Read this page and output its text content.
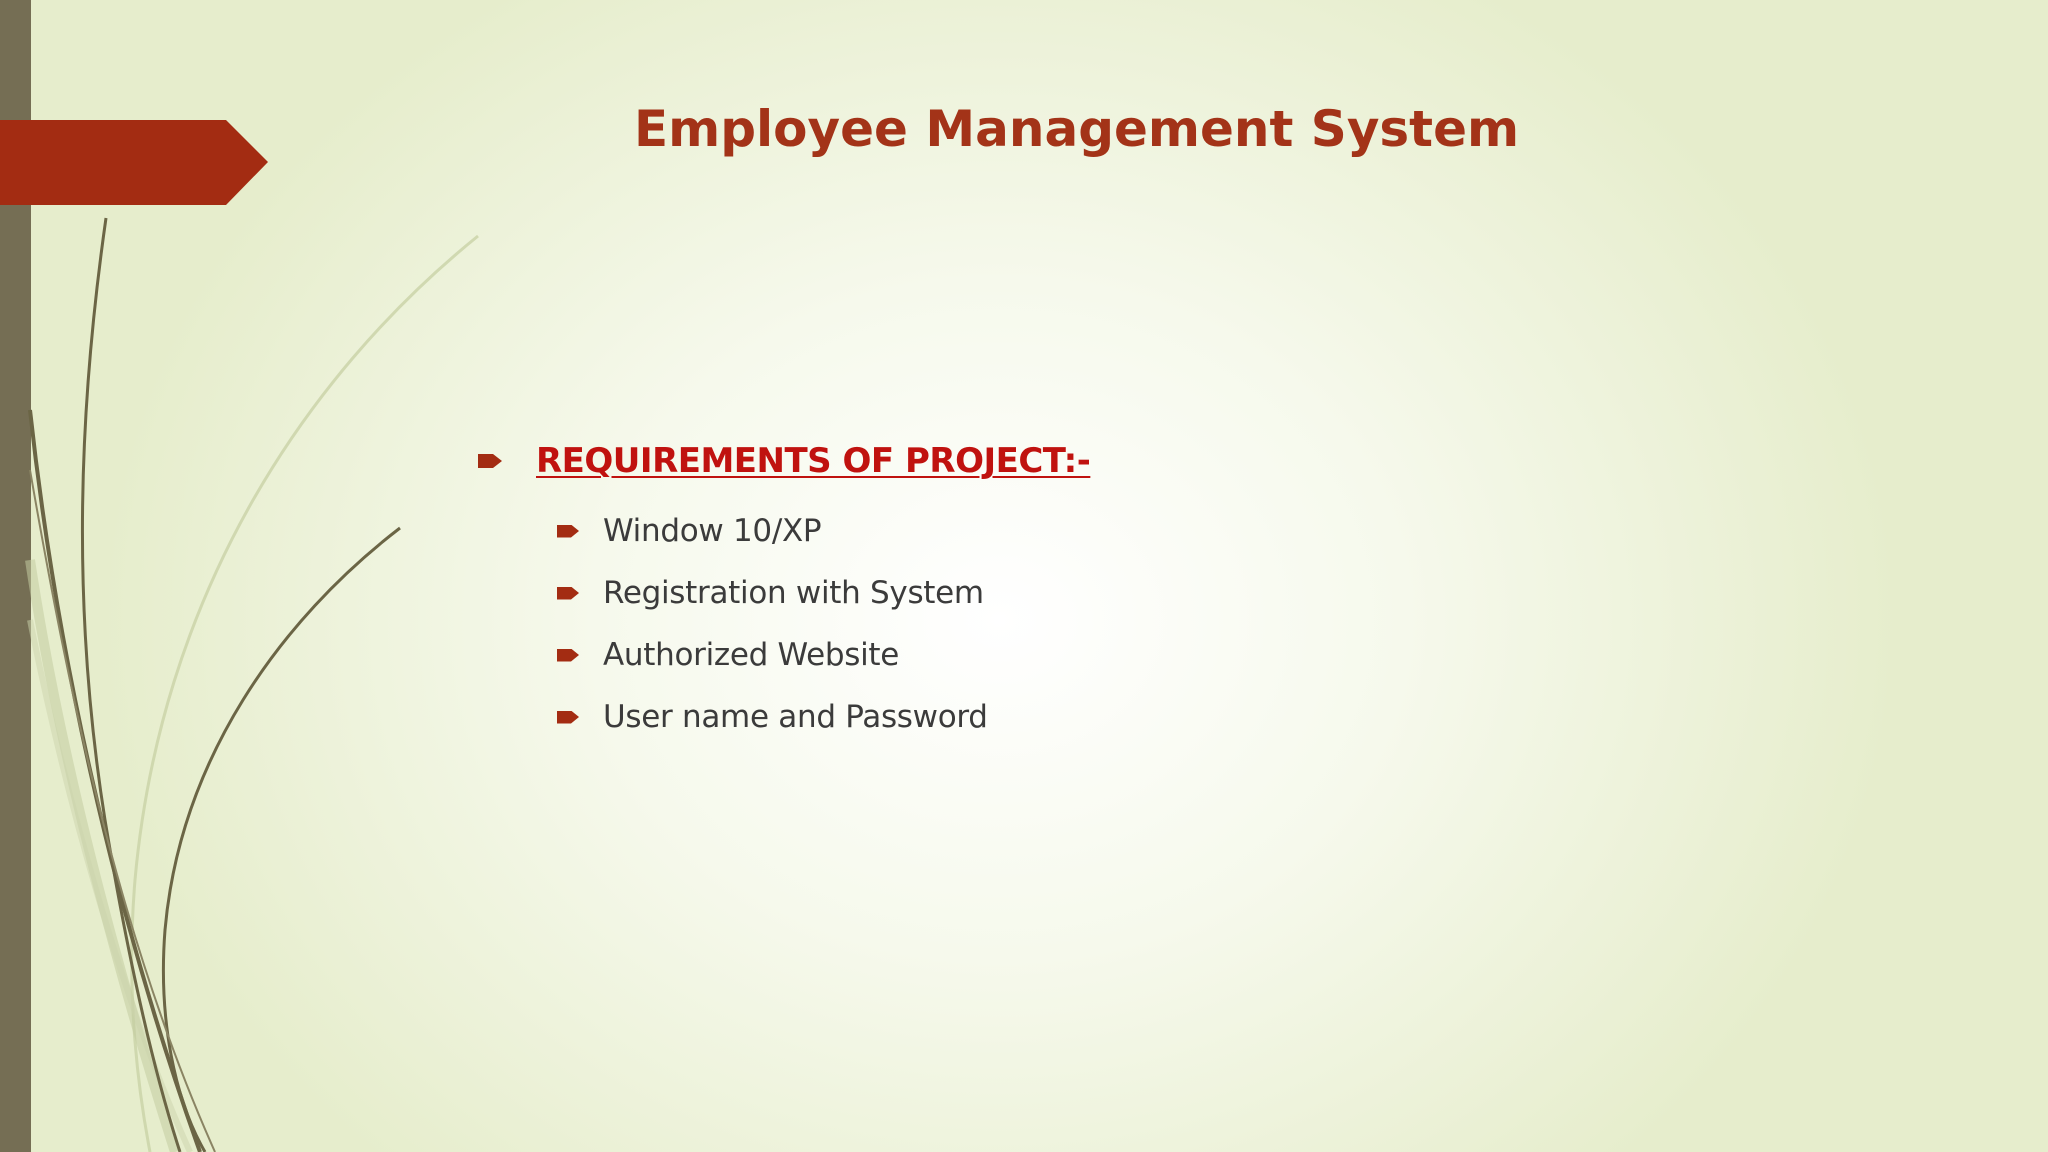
Employee Management System
REQUIREMENTS OF PROJECT:-
Window 10/XP
Registration with System
Authorized Website
User name and Password
